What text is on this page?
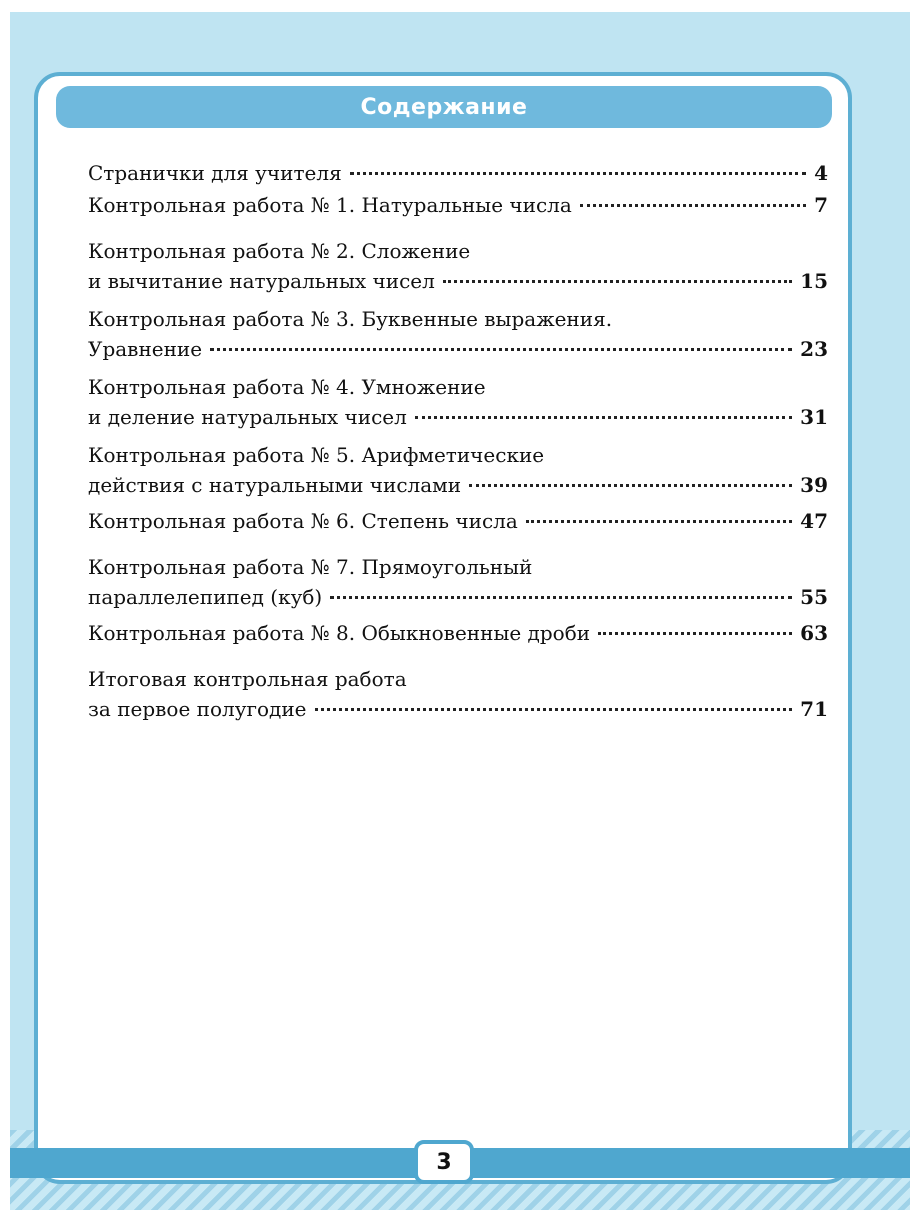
Содержание
Странички для учителя	4
Контрольная работа № 1. Натуральные числа	7
Контрольная работа № 2. Сложение
и вычитание натуральных чисел	15
Контрольная работа № 3. Буквенные выражения.
Уравнение	23
Контрольная работа № 4. Умножение
и деление натуральных чисел	31
Контрольная работа № 5. Арифметические
действия с натуральными числами	39
Контрольная работа № 6. Степень числа	47
Контрольная работа № 7. Прямоугольный
параллелепипед (куб)	55
Контрольная работа № 8. Обыкновенные дроби	63
Итоговая контрольная работа
за первое полугодие	71
3
